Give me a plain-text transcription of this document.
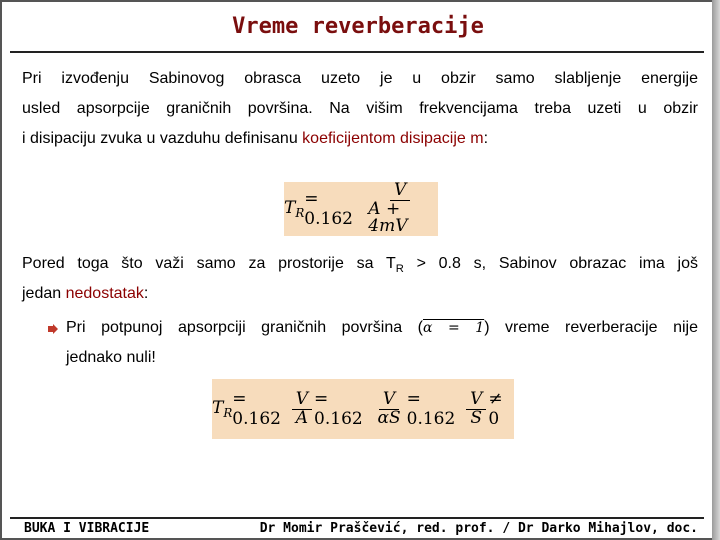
Vreme reverberacije
Pri izvođenju Sabinovog obrasca uzeto je u obzir samo slabljenje energije
usled apsorpcije graničnih površina. Na višim frekvencijama treba uzeti u obzir
i disipaciju zvuka u vazduhu definisanu koeficijentom disipacije m:
$T_R$
= $0.162 \frac{V}{A + 4mV}$
Pored toga što važi samo za prostorije sa $T_R > 0.8$ s, Sabinov obrazac ima još
jedan nedostatak:
Pri potpunoj apsorpciji graničnih površina (α = 1) vreme reverberacije nije
jednako nuli!
$T_R$
= $0.162 \frac{V}{A} = 0.162 \frac{V}{\alpha S} = 0.162 \frac{V}{S} \ne 0$
BUKA I VIBRACIJE	Dr Momir Praščević, red. prof. / Dr Darko Mihajlov, doc.
